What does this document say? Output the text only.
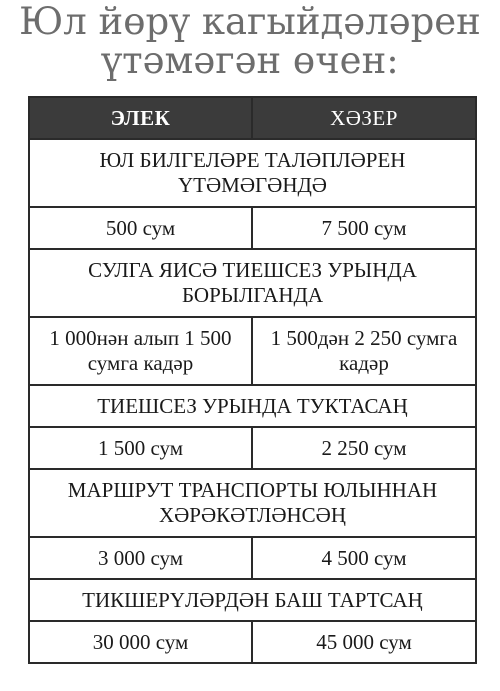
Юл йөрү кагыйдәләрен
үтәмәгән өчен:
ЭЛЕК	ХӘЗЕР
ЮЛ БИЛГЕЛӘРЕ ТАЛӘПЛӘРЕН ҮТӘМӘГӘНДӘ	
500 сум	7 500 сум
СУЛГА ЯИСӘ ТИЕШСЕЗ УРЫНДА БОРЫЛГАНДА	
1 000нән алып 1 500 сумга кадәр	1 500дән 2 250 сумга кадәр
ТИЕШСЕЗ УРЫНДА ТУКТАСАҢ	
1 500 сум	2 250 сум
МАРШРУТ ТРАНСПОРТЫ ЮЛЫННАН ХӘРӘКӘТЛӘНСӘҢ	
3 000 сум	4 500 сум
ТИКШЕРҮЛӘРДӘН БАШ ТАРТСАҢ	
30 000 сум	45 000 сум
